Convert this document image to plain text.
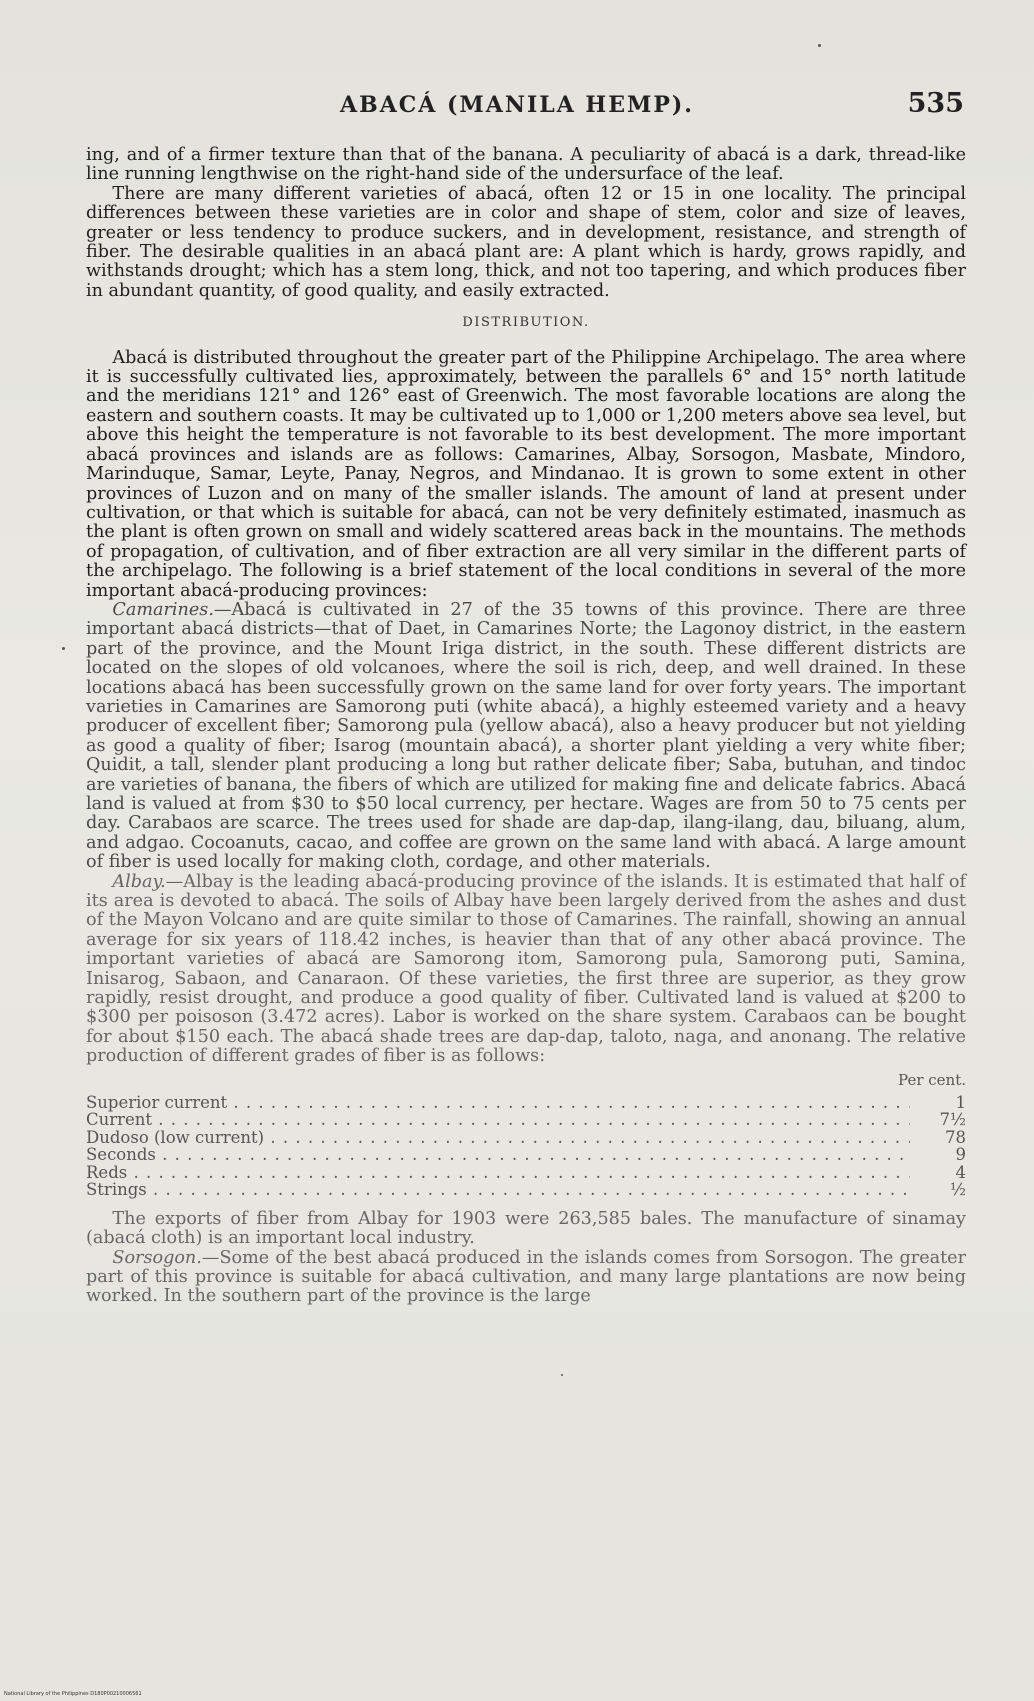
ABACÁ (MANILA HEMP).	535

ing, and of a firmer texture than that of the banana. A peculiarity of abacá is a dark, thread-like line running lengthwise on the right-hand side of the undersurface of the leaf.

There are many different varieties of abacá, often 12 or 15 in one locality. The principal differences between these varieties are in color and shape of stem, color and size of leaves, greater or less tendency to produce suckers, and in development, resistance, and strength of fiber. The desirable qualities in an abacá plant are: A plant which is hardy, grows rapidly, and withstands drought; which has a stem long, thick, and not too tapering, and which produces fiber in abundant quantity, of good quality, and easily extracted.

DISTRIBUTION.

Abacá is distributed throughout the greater part of the Philippine Archipelago. The area where it is successfully cultivated lies, approximately, between the parallels 6° and 15° north latitude and the meridians 121° and 126° east of Greenwich. The most favorable locations are along the eastern and southern coasts. It may be cultivated up to 1,000 or 1,200 meters above sea level, but above this height the temperature is not favorable to its best development. The more important abacá provinces and islands are as follows: Camarines, Albay, Sorsogon, Masbate, Mindoro, Marinduque, Samar, Leyte, Panay, Negros, and Mindanao. It is grown to some extent in other provinces of Luzon and on many of the smaller islands. The amount of land at present under cultivation, or that which is suitable for abacá, can not be very definitely estimated, inasmuch as the plant is often grown on small and widely scattered areas back in the mountains. The methods of propagation, of cultivation, and of fiber extraction are all very similar in the different parts of the archipelago. The following is a brief statement of the local conditions in several of the more important abacá-producing provinces:

Camarines.—Abacá is cultivated in 27 of the 35 towns of this province. There are three important abacá districts—that of Daet, in Camarines Norte; the Lagonoy district, in the eastern part of the province, and the Mount Iriga district, in the south. These different districts are located on the slopes of old volcanoes, where the soil is rich, deep, and well drained. In these locations abacá has been successfully grown on the same land for over forty years. The important varieties in Camarines are Samorong puti (white abacá), a highly esteemed variety and a heavy producer of excellent fiber; Samorong pula (yellow abacá), also a heavy producer but not yielding as good a quality of fiber; Isarog (mountain abacá), a shorter plant yielding a very white fiber; Quidit, a tall, slender plant producing a long but rather delicate fiber; Saba, butuhan, and tindoc are varieties of banana, the fibers of which are utilized for making fine and delicate fabrics. Abacá land is valued at from $30 to $50 local currency, per hectare. Wages are from 50 to 75 cents per day. Carabaos are scarce. The trees used for shade are dap-dap, ilang-ilang, dau, biluang, alum, and adgao. Cocoanuts, cacao, and coffee are grown on the same land with abacá. A large amount of fiber is used locally for making cloth, cordage, and other materials.

Albay.—Albay is the leading abacá-producing province of the islands. It is estimated that half of its area is devoted to abacá. The soils of Albay have been largely derived from the ashes and dust of the Mayon Volcano and are quite similar to those of Camarines. The rainfall, showing an annual average for six years of 118.42 inches, is heavier than that of any other abacá province. The important varieties of abacá are Samorong itom, Samorong pula, Samorong puti, Samina, Inisarog, Sabaon, and Canaraon. Of these varieties, the first three are superior, as they grow rapidly, resist drought, and produce a good quality of fiber. Cultivated land is valued at $200 to $300 per poisoson (3.472 acres). Labor is worked on the share system. Carabaos can be bought for about $150 each. The abacá shade trees are dap-dap, taloto, naga, and anonang. The relative production of different grades of fiber is as follows:

Per cent.
Superior current . . .	1
Current . . .	7½
Dudoso (low current) . . .	78
Seconds . . .	9
Reds . . .	4
Strings . . .	½

The exports of fiber from Albay for 1903 were 263,585 bales. The manufacture of sinamay (abacá cloth) is an important local industry.

Sorsogon.—Some of the best abacá produced in the islands comes from Sorsogon. The greater part of this province is suitable for abacá cultivation, and many large plantations are now being worked. In the southern part of the province is the large

National Library of the Philippines D180P00210006561
